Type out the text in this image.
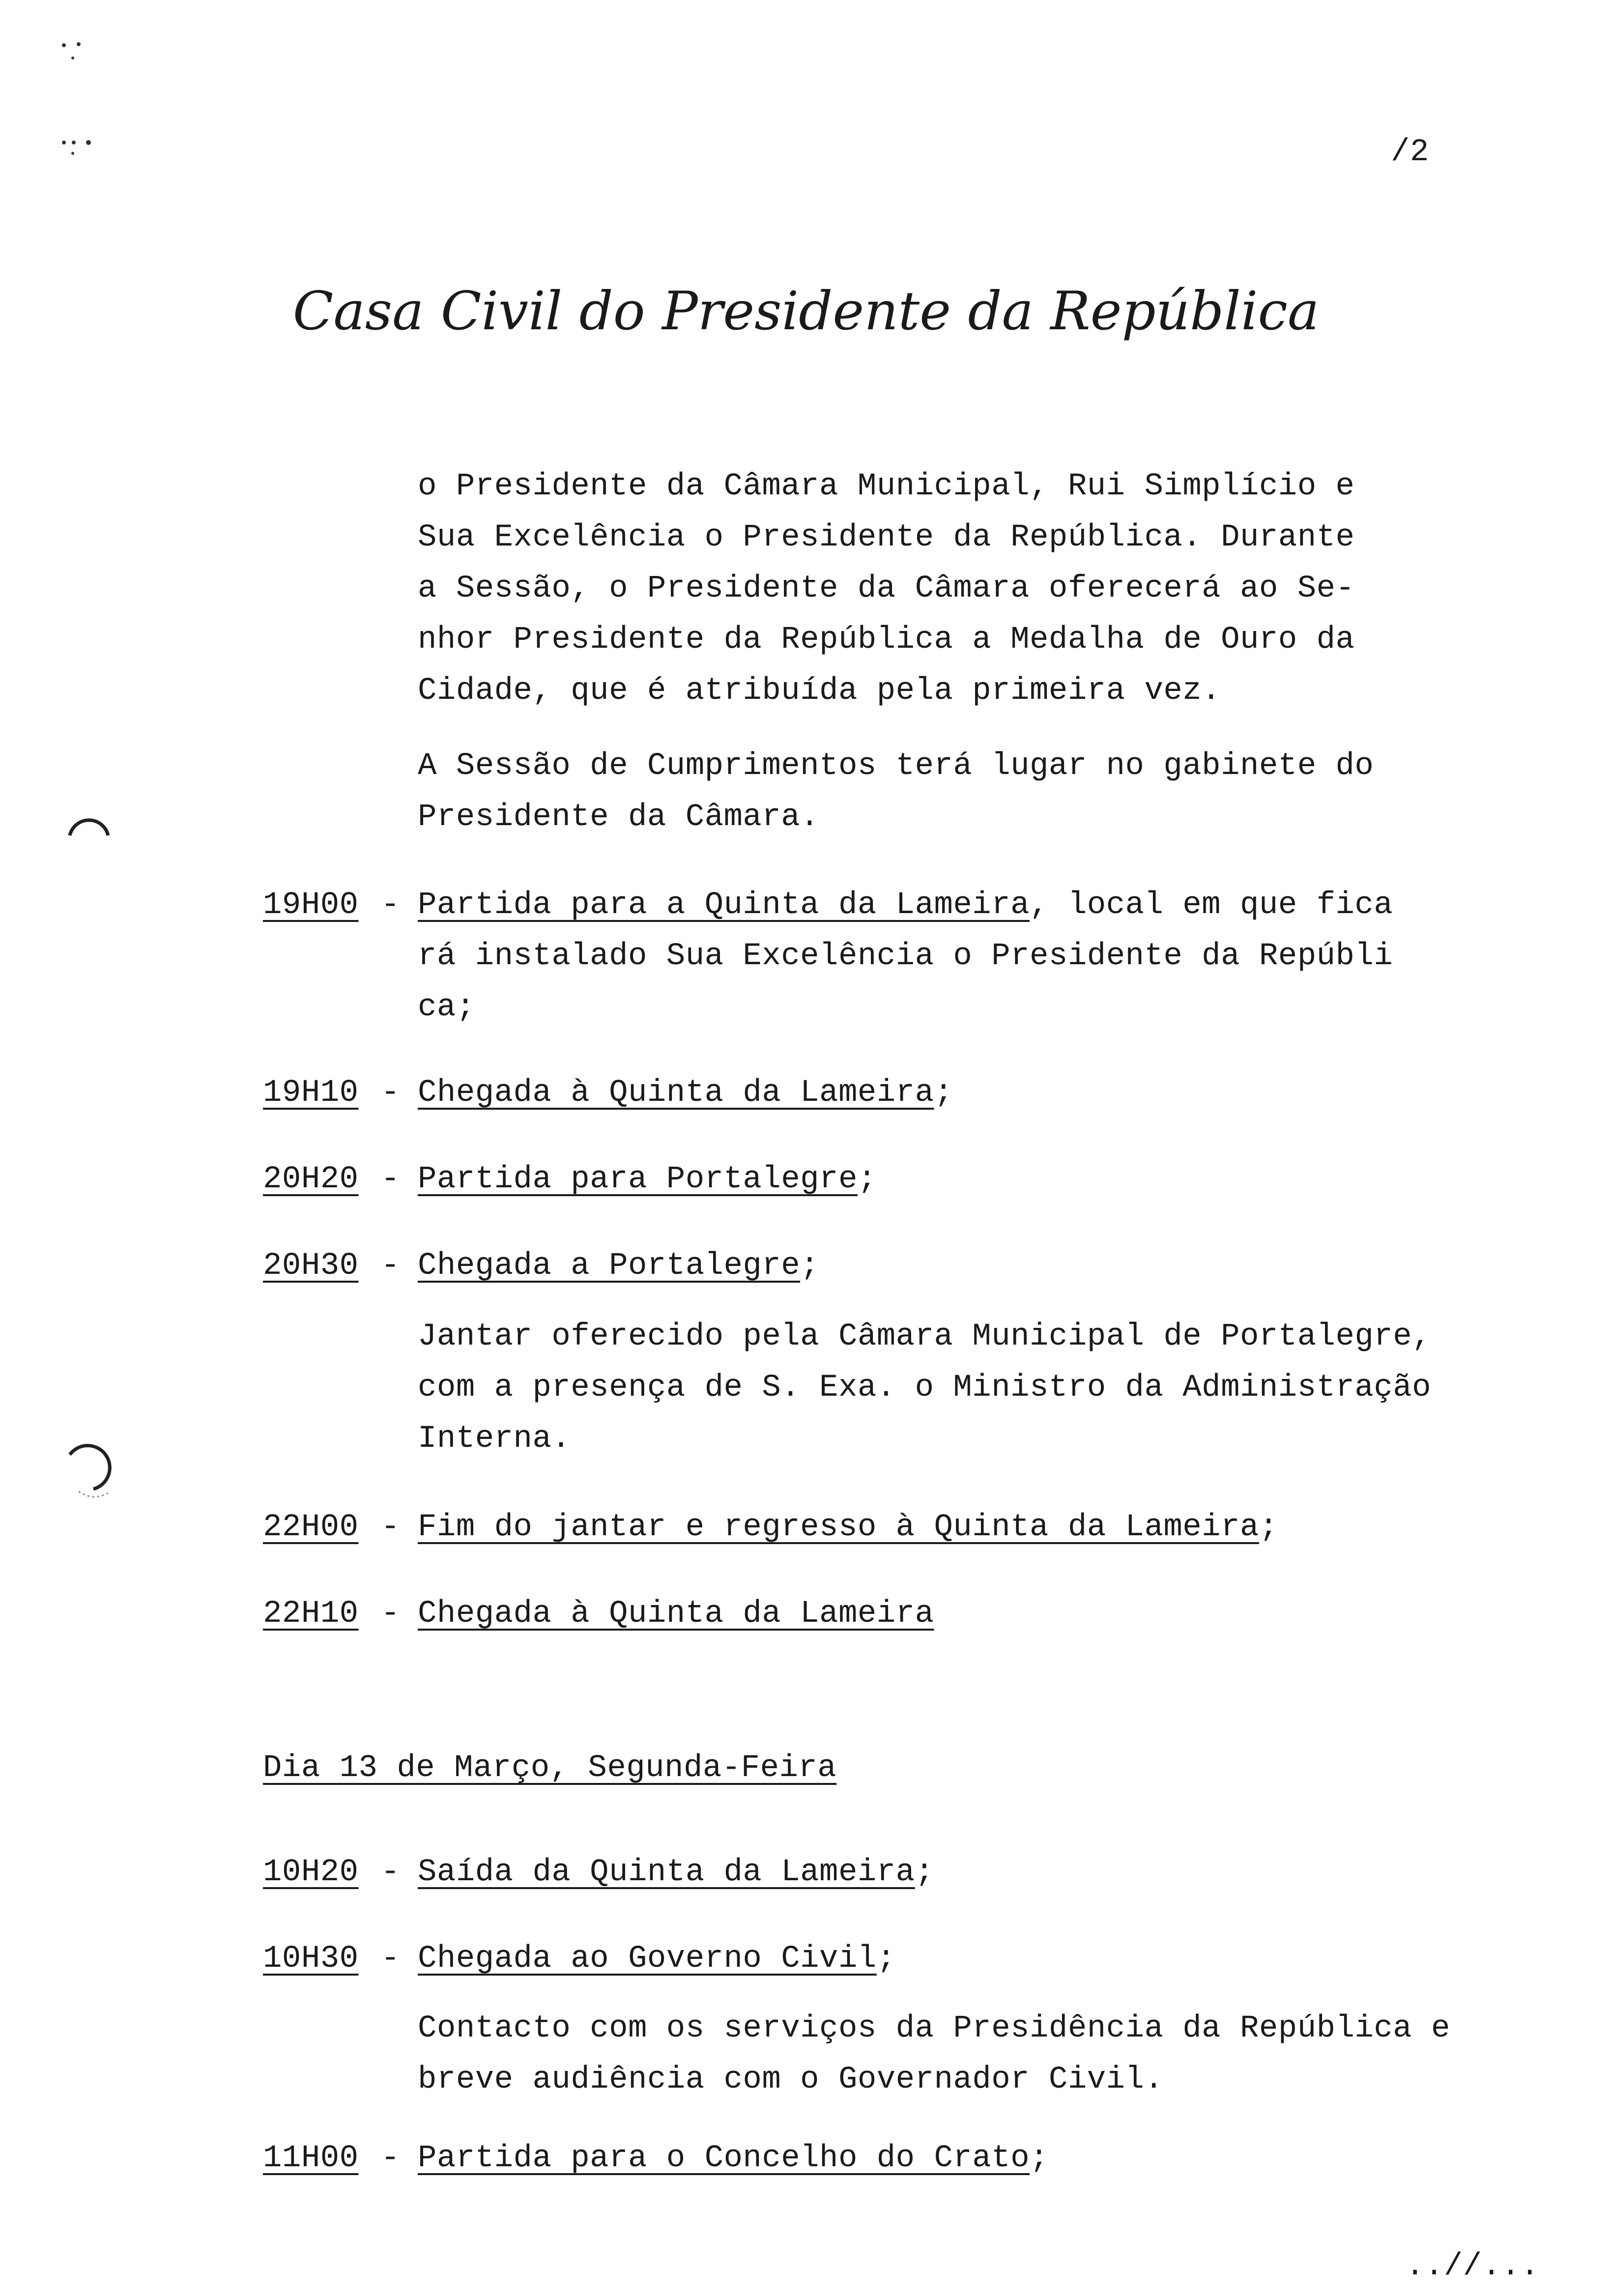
/2
Casa Civil do Presidente da República
o Presidente da Câmara Municipal, Rui Simplício e
Sua Excelência o Presidente da República. Durante
a Sessão, o Presidente da Câmara oferecerá ao Se-
nhor Presidente da República a Medalha de Ouro da
Cidade, que é atribuída pela primeira vez.
A Sessão de Cumprimentos terá lugar no gabinete do
Presidente da Câmara.
19H00 - Partida para a Quinta da Lameira, local em que fica
rá instalado Sua Excelência o Presidente da Repúbli
ca;
19H10 - Chegada à Quinta da Lameira;
20H20 - Partida para Portalegre;
20H30 - Chegada a Portalegre;
Jantar oferecido pela Câmara Municipal de Portalegre,
com a presença de S. Exa. o Ministro da Administração
Interna.
22H00 - Fim do jantar e regresso à Quinta da Lameira;
22H10 - Chegada à Quinta da Lameira
Dia 13 de Março, Segunda-Feira
10H20 - Saída da Quinta da Lameira;
10H30 - Chegada ao Governo Civil;
Contacto com os serviços da Presidência da República e
breve audiência com o Governador Civil.
11H00 - Partida para o Concelho do Crato;
..//...
